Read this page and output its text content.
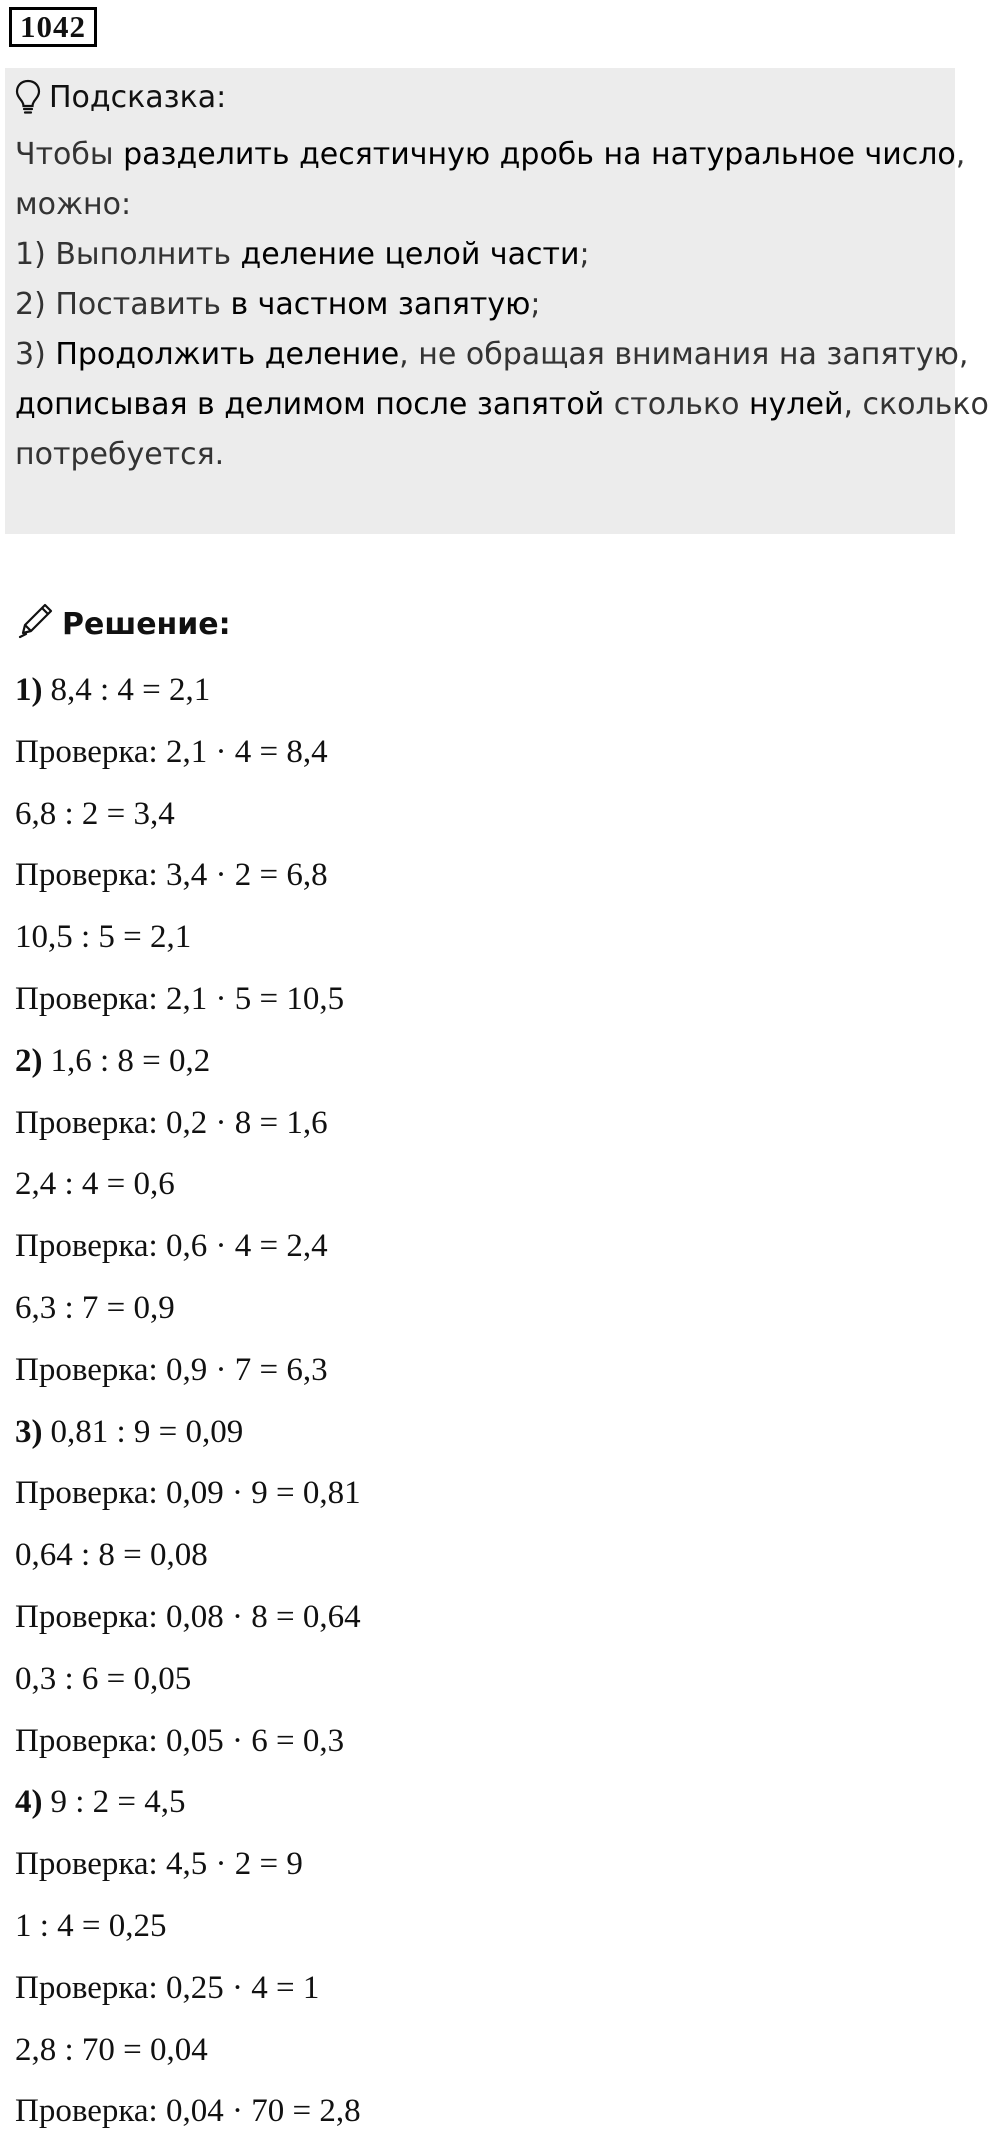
1042
Подсказка:
Чтобы разделить десятичную дробь на натуральное число,
можно:
1) Выполнить деление целой части;
2) Поставить в частном запятую;
3) Продолжить деление, не обращая внимания на запятую,
дописывая в делимом после запятой столько нулей, сколько
потребуется.
Решение:
1) 8,4 : 4 = 2,1
Проверка: 2,1 · 4 = 8,4
6,8 : 2 = 3,4
Проверка: 3,4 · 2 = 6,8
10,5 : 5 = 2,1
Проверка: 2,1 · 5 = 10,5
2) 1,6 : 8 = 0,2
Проверка: 0,2 · 8 = 1,6
2,4 : 4 = 0,6
Проверка: 0,6 · 4 = 2,4
6,3 : 7 = 0,9
Проверка: 0,9 · 7 = 6,3
3) 0,81 : 9 = 0,09
Проверка: 0,09 · 9 = 0,81
0,64 : 8 = 0,08
Проверка: 0,08 · 8 = 0,64
0,3 : 6 = 0,05
Проверка: 0,05 · 6 = 0,3
4) 9 : 2 = 4,5
Проверка: 4,5 · 2 = 9
1 : 4 = 0,25
Проверка: 0,25 · 4 = 1
2,8 : 70 = 0,04
Проверка: 0,04 · 70 = 2,8
